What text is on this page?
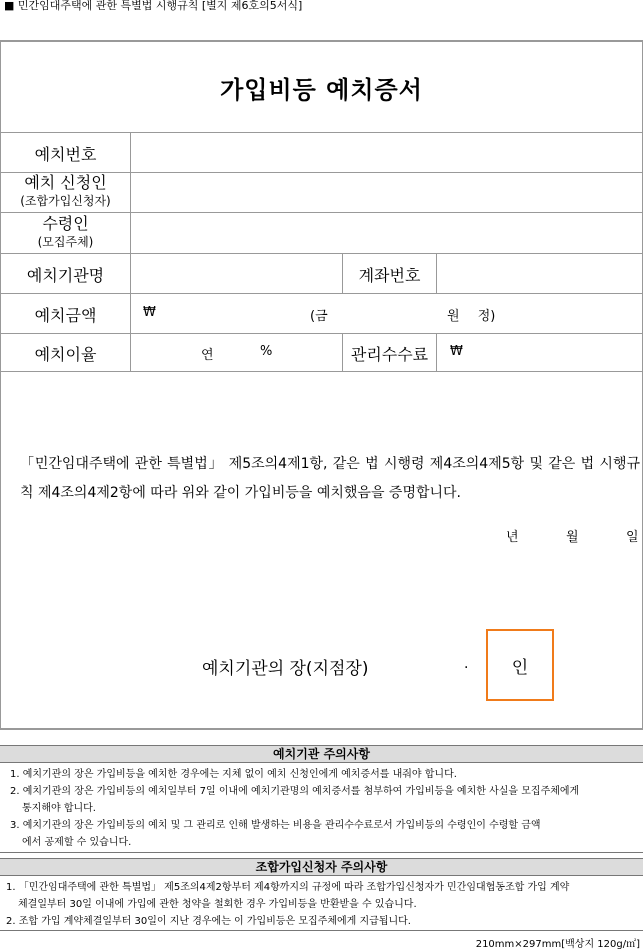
■ 민간임대주택에 관한 특별법 시행규칙 [별지 제6호의5서식]
가입비등 예치증서
예치번호
예치 신청인
(조합가입신청자)
수령인
(모집주체)
예치기관명	계좌번호
예치금액	₩	(금	원 정)
예치이율	연	%	관리수수료	₩
「민간임대주택에 관한 특별법」 제5조의4제1항, 같은 법 시행령 제4조의4제5항 및 같은 법 시행규칙 제4조의4제2항에 따라 위와 같이 가입비등을 예치했음을 증명합니다.
년	월	일
예치기관의 장(지점장)	.	인
예치기관 주의사항
1. 예치기관의 장은 가입비등을 예치한 경우에는 지체 없이 예치 신청인에게 예치증서를 내줘야 합니다.
2. 예치기관의 장은 가입비등의 예치일부터 7일 이내에 예치기관명의 예치증서를 첨부하여 가입비등을 예치한 사실을 모집주체에게
통지해야 합니다.
3. 예치기관의 장은 가입비등의 예치 및 그 관리로 인해 발생하는 비용을 관리수수료로서 가입비등의 수령인이 수령할 금액
에서 공제할 수 있습니다.
조합가입신청자 주의사항
1. 「민간임대주택에 관한 특별법」 제5조의4제2항부터 제4항까지의 규정에 따라 조합가입신청자가 민간임대협동조합 가입 계약
체결일부터 30일 이내에 가입에 관한 청약을 철회한 경우 가입비등을 반환받을 수 있습니다.
2. 조합 가입 계약체결일부터 30일이 지난 경우에는 이 가입비등은 모집주체에게 지급됩니다.
210mm×297mm[백상지 120g/㎡]
